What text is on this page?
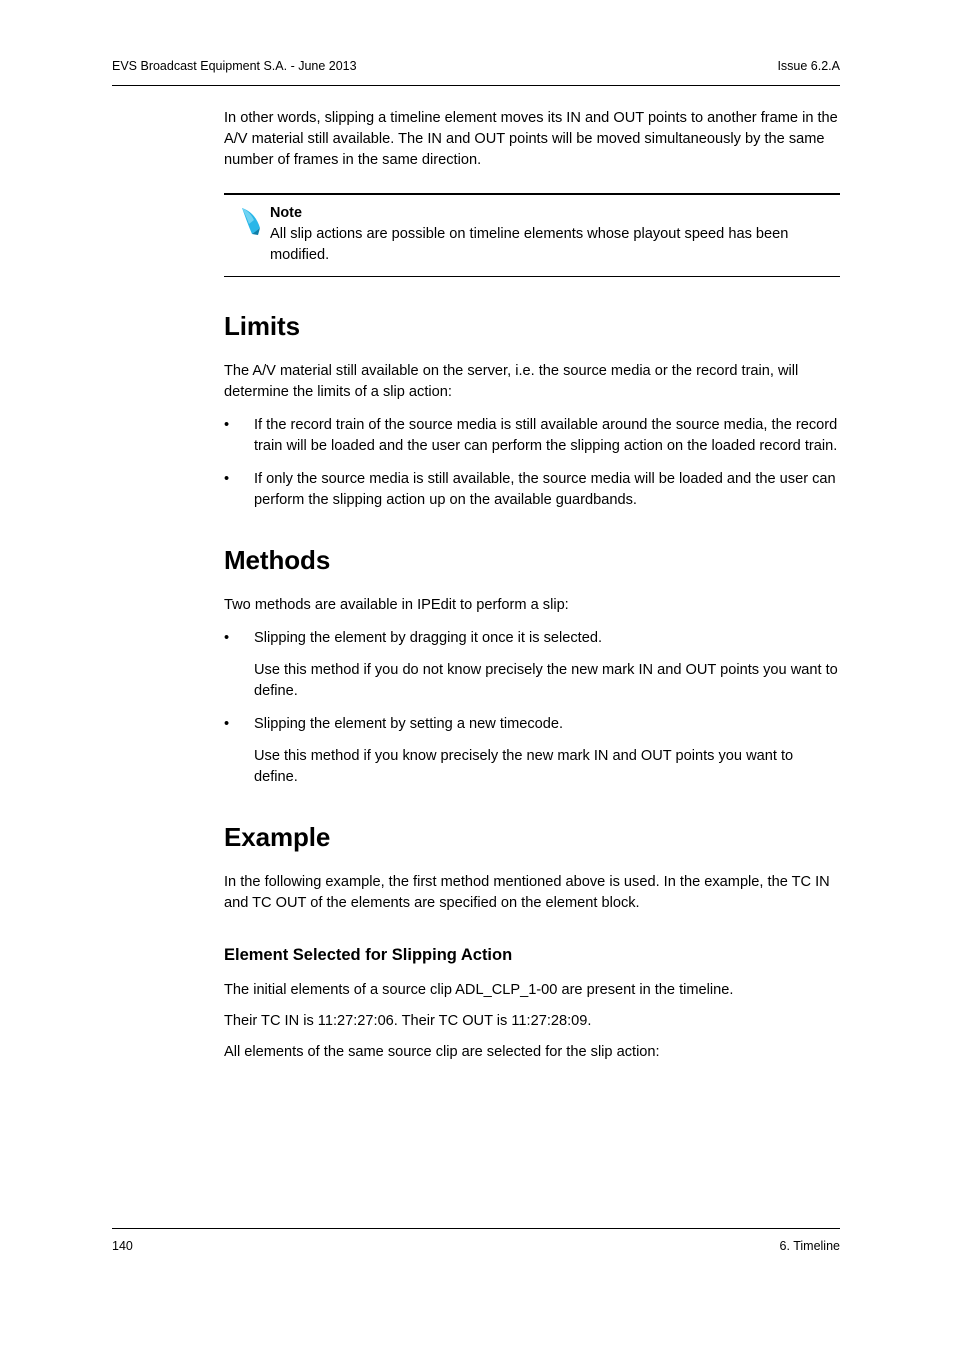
EVS Broadcast Equipment S.A. - June 2013	Issue 6.2.A

In other words, slipping a timeline element moves its IN and OUT points to another frame in the A/V material still available. The IN and OUT points will be moved simultaneously by the same number of frames in the same direction.

Note
All slip actions are possible on timeline elements whose playout speed has been modified.
Limits

The A/V material still available on the server, i.e. the source media or the record train, will determine the limits of a slip action:

• If the record train of the source media is still available around the source media, the record train will be loaded and the user can perform the slipping action on the loaded record train.
• If only the source media is still available, the source media will be loaded and the user can perform the slipping action up on the available guardbands.
Methods

Two methods are available in IPEdit to perform a slip:

• Slipping the element by dragging it once it is selected.
Use this method if you do not know precisely the new mark IN and OUT points you want to define.
• Slipping the element by setting a new timecode.
Use this method if you know precisely the new mark IN and OUT points you want to define.
Example

In the following example, the first method mentioned above is used. In the example, the TC IN and TC OUT of the elements are specified on the element block.

Element Selected for Slipping Action

The initial elements of a source clip ADL_CLP_1-00 are present in the timeline.

Their TC IN is 11:27:27:06. Their TC OUT is 11:27:28:09.

All elements of the same source clip are selected for the slip action:

140	6. Timeline
